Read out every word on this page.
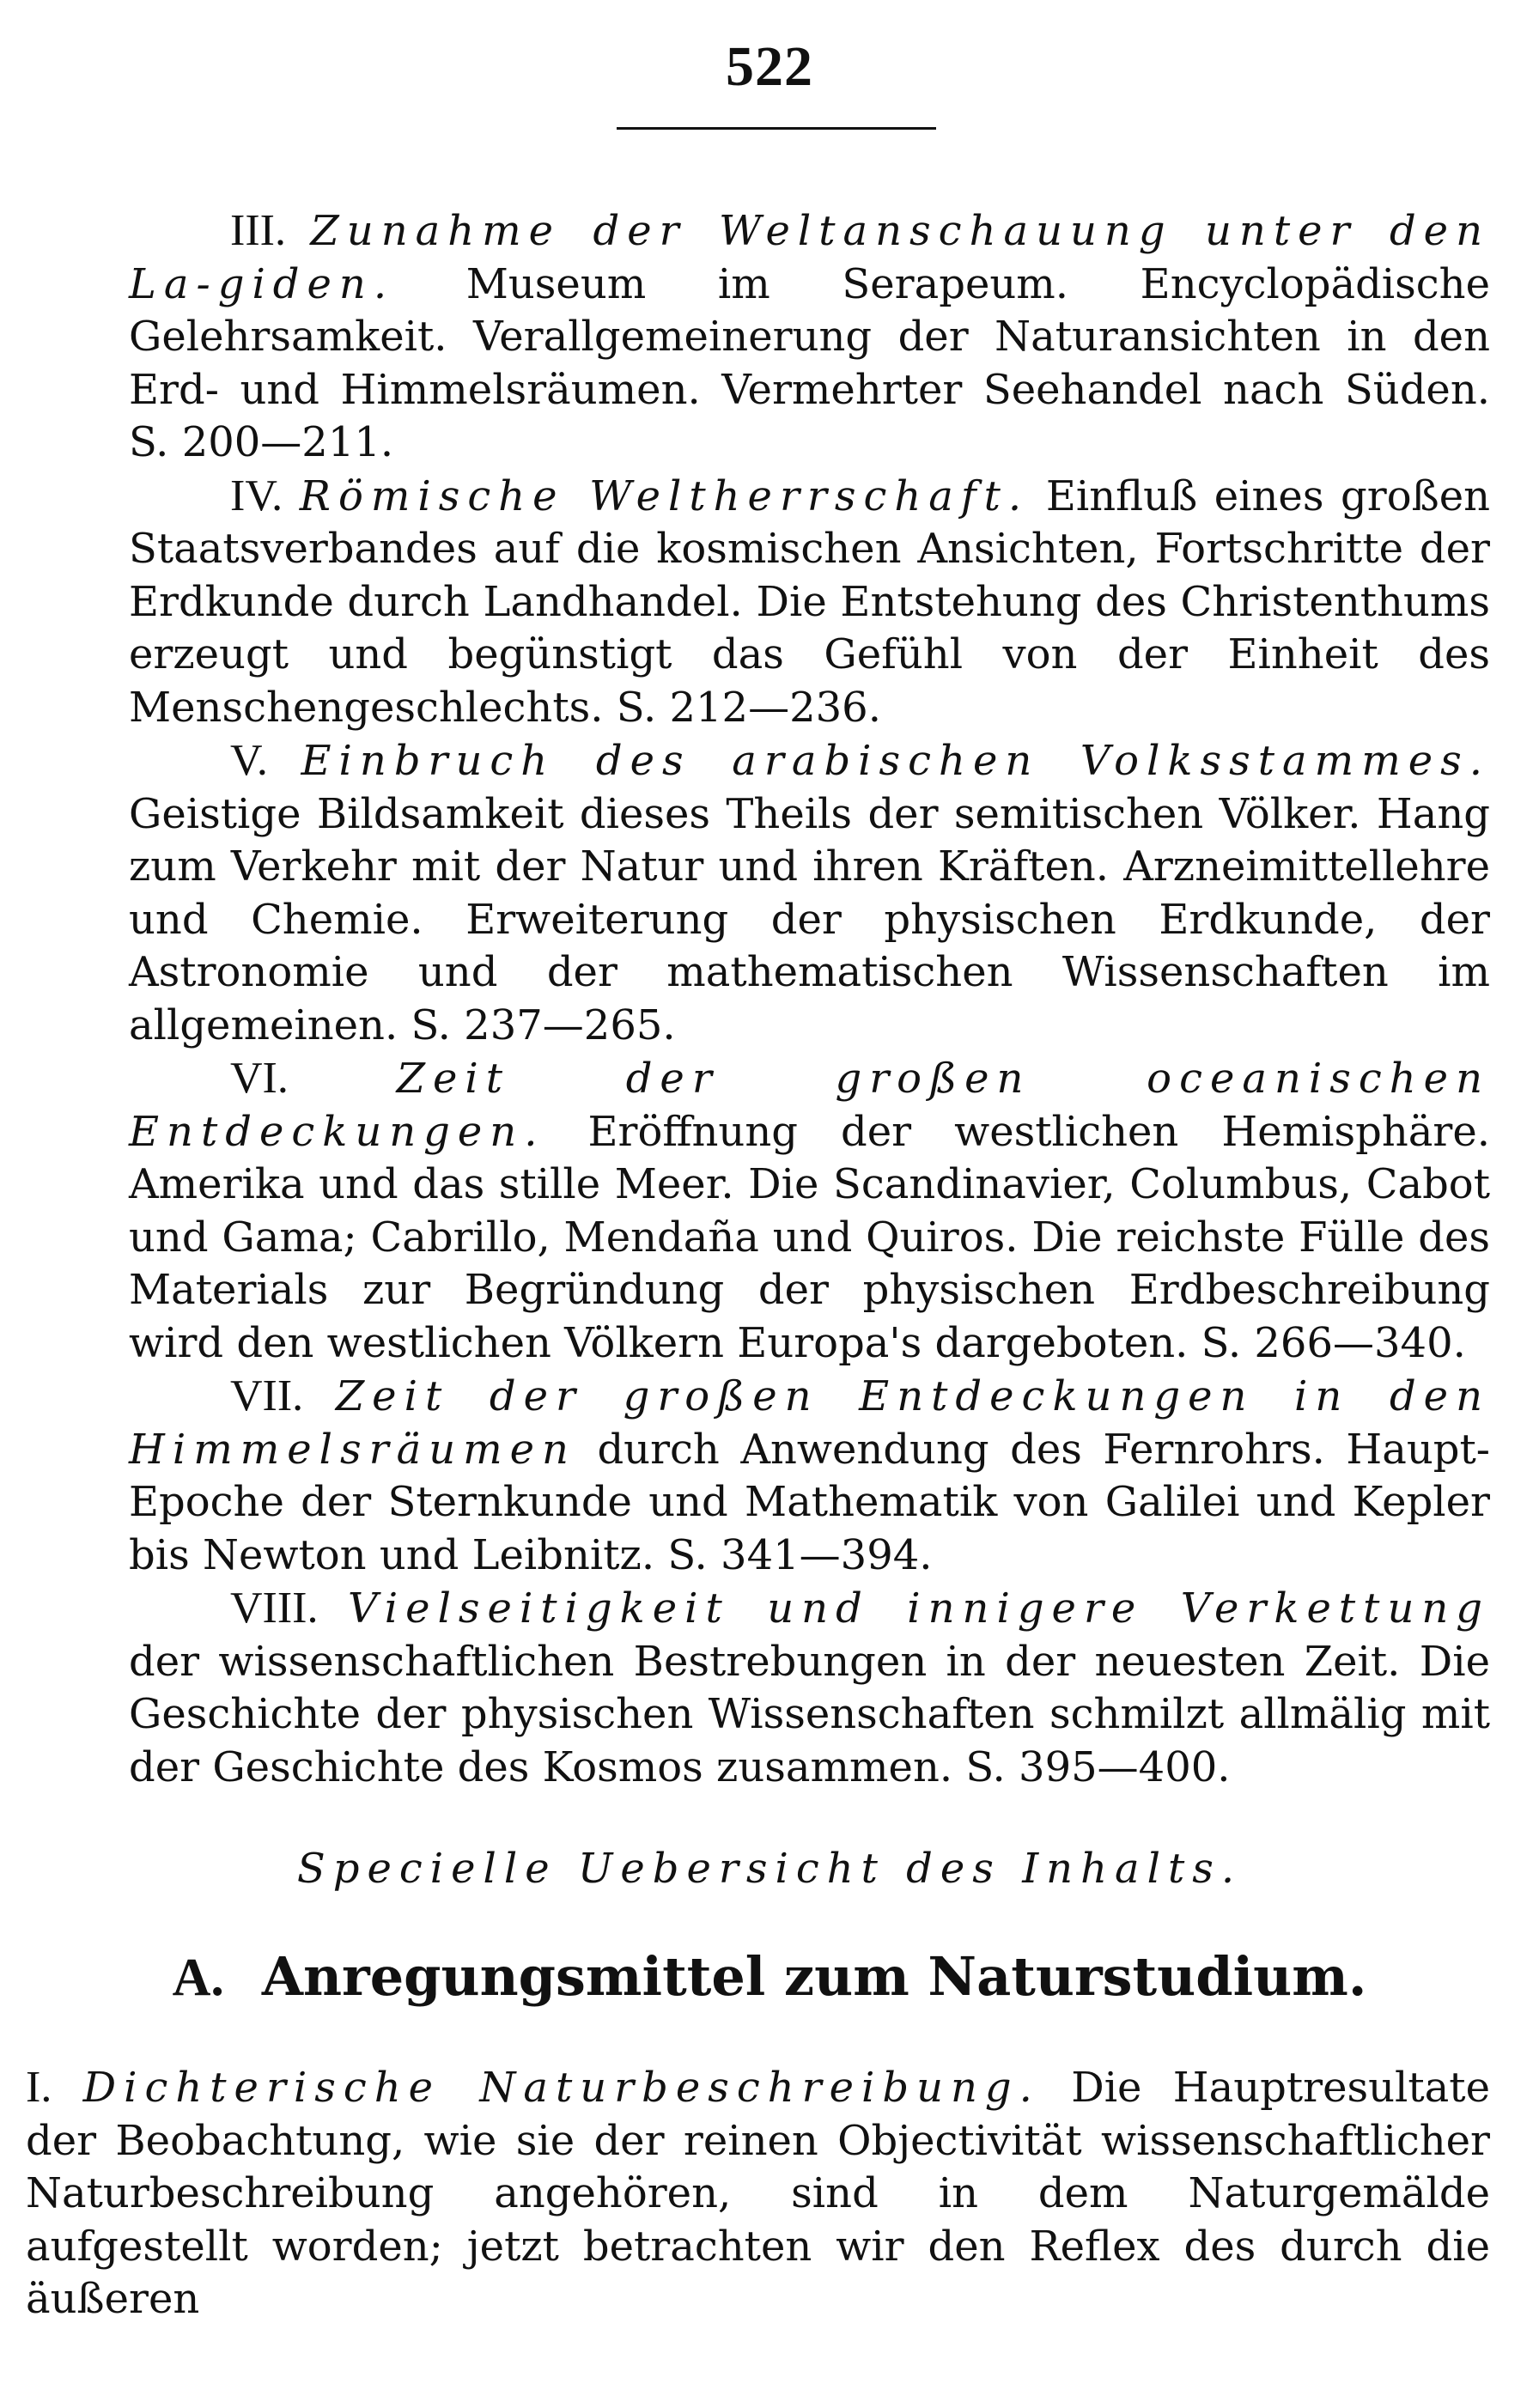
522

III. Zunahme der Weltanschauung unter den La-giden. Museum im Serapeum. Encyclopädische Gelehrsamkeit. Verallgemeinerung der Naturansichten in den Erd- und Himmelsräumen. Vermehrter Seehandel nach Süden. S. 200—211.

IV. Römische Weltherrschaft. Einfluß eines großen Staatsverbandes auf die kosmischen Ansichten, Fortschritte der Erdkunde durch Landhandel. Die Entstehung des Christenthums erzeugt und begünstigt das Gefühl von der Einheit des Menschengeschlechts. S. 212—236.

V. Einbruch des arabischen Volksstammes. Geistige Bildsamkeit dieses Theils der semitischen Völker. Hang zum Verkehr mit der Natur und ihren Kräften. Arzneimittellehre und Chemie. Erweiterung der physischen Erdkunde, der Astronomie und der mathematischen Wissenschaften im allgemeinen. S. 237—265.

VI.	Zeit der großen oceanischen Entdeckungen. Eröffnung der westlichen Hemisphäre. Amerika und das stille Meer. Die Scandinavier, Columbus, Cabot und Gama; Cabrillo, Mendaña und Quiros. Die reichste Fülle des Materials zur Begründung der physischen Erdbeschreibung wird den westlichen Völkern Europa's dargeboten. S. 266—340.

VII. Zeit der großen Entdeckungen in den Himmelsräumen durch Anwendung des Fernrohrs. Haupt-Epoche der Sternkunde und Mathematik von Galilei und Kepler bis Newton und Leibnitz. S. 341—394.

VIII. Vielseitigkeit und innigere Verkettung der wissenschaftlichen Bestrebungen in der neuesten Zeit. Die Geschichte der physischen Wissenschaften schmilzt allmälig mit der Geschichte des Kosmos zusammen. S. 395—400.

Specielle Uebersicht des Inhalts.
A. Anregungsmittel zum Naturstudium.

I. Dichterische Naturbeschreibung. Die Hauptresultate der Beobachtung, wie sie der reinen Objectivität wissenschaftlicher Naturbeschreibung angehören, sind in dem Naturgemälde aufgestellt worden; jetzt betrachten wir den Reflex des durch die äußeren
